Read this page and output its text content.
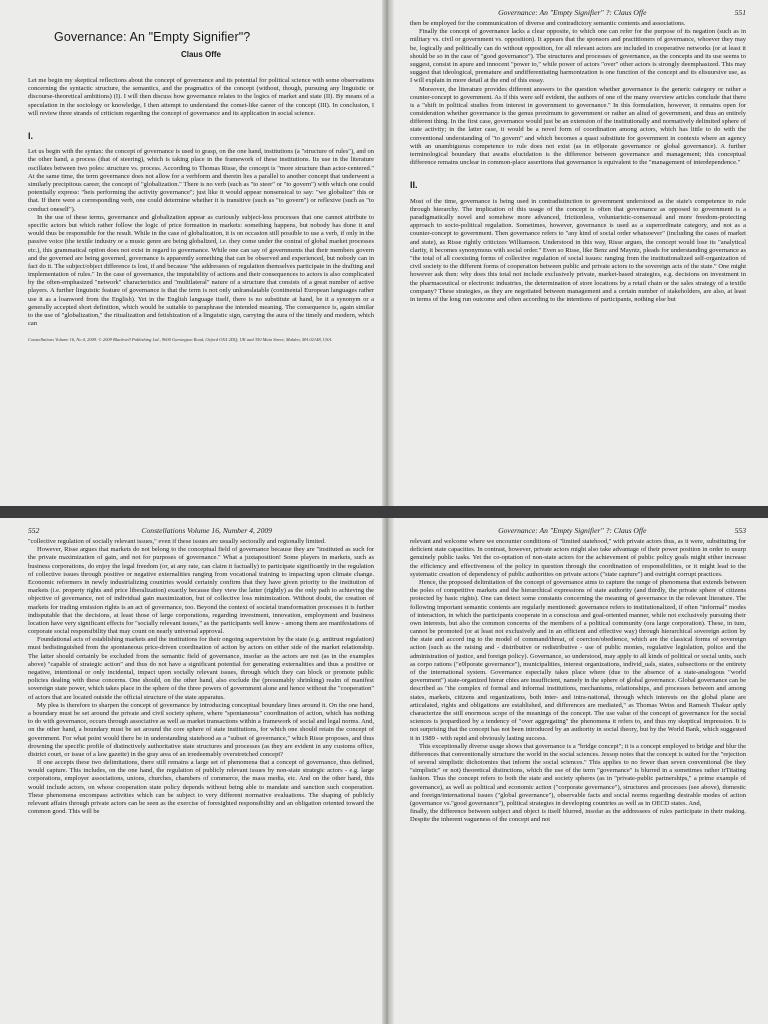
Governance: An "Empty Signifier"?
Claus Offe

Let me begin my skeptical reflections about the concept of governance and its potential for political science with some observations concerning the syntactic structure, the semantics, and the pragmatics of the concept (without, though, pursuing any linguistic or discourse-theoretical ambitions) (I). I will then discuss how governance relates to the logics of market and state (II). By means of a speculation in the sociology or knowledge, I then attempt to understand the comet-like career of the concept (III). In conclusion, I will review three strands of criticism regarding the concept of governance and its application in social science.

I.

Let us begin with the syntax: the concept of governance is used to grasp, on the one hand, institutions (a "structure of rules"), and on the other hand, a process (that of steering), which is taking place in the framework of these institutions. Its use in the literature oscillates between two poles: structure vs. process. According to Thomas Risse, the concept is "more structure than actor-centered." At the same time, the term governance does not allow for a verbform and therein lies a parallel to another concept that underwent a similarly precipitous career, the concept of "globalization." There is no verb (such as "to steer" or "to govern") with which one could potentially express: "heis performing the activity governance"; just like it would appear nonsensical to say: "we globalize" this or that. If there were a corresponding verb, one could determine whether it is transitive (such as "to govern") or reflexive (such as "to conduct oneself").

In the use of these terms, governance and globalization appear as curiously subject-less processes that one cannot attribute to specific actors but which rather follow the logic of price formation in markets: something happens, but nobody has done it and would thus be responsible for the result. While in the case of globalization, it is on occasion still possible to use a verb, if only in the passive voice (the textile industry or a music genre are being globalized, i.e. they come under the contrai of global market processes etc.), this grammatical option does not exist in regard to governance. While one can say of governments that their members govern and the governed are being governed, governance is apparently something that can be observed and experienced, but nobody can in fact do it. The subject/object difference is lost, if and because "the addressees of regulation themselves participate in the drafting and implementation of rules." In the case of governance, the imputability of actions and their consequences to actors is also complicated by the often-emphasized "network" characteristics and "multilateral" nature of a structure that consists of a great number of active players. A further linguistic feature of governance is that the term is not only unlranslatable (continental European languages rather use it as a loanword from the English). Yet in the English language itself, there is no substitute at hand, be it a synonym or a generally accepted short definition, which would be suitable to paraphrase the intended meaning. The consequence is, again similar to the use of "globalization," the ritualization and fetishization of a linguistic sign, carrying the aura of the timely and modern, which can

Constellations Volume 16, No 4, 2009. © 2009 Blackwell Publishing Ltd., 9600 Garsington Road, Oxford OX4 2DQ, UK and 350 Main Street, Malden, MA 02148, USA.
Governance: An "Empty Signifier" ?: Claus Offe	551

then be employed for the communication of diverse and contradictory semantic contents and associations.

Finally the concept of governance lacks a clear opposite, to which one can refer for the purpose of its negation (such as in military vs. civil or government vs. opposition). It appears that the sponsors and practitioners of governance, whoever they may be, logically and politically can do without opposition, for all relevant actors are included in cooperative networks (or at least it should be so in the case of "good governance"). The structures and processes of governance, as the concepts and its use seems to suggest, consist in apure and innocent "power to," while power of actors "over" other actors is strongly deemphasized. This may suggest that ideological, premature and undifferentiating harmonization is one function of the concept and its elisuursive use, as I will explain in more detail at the end of this essay.

Moreover, the literature provides different answers to the question whether governance is the generic category or rather a counter-concept to government. As if this were self evident, the authors of one of the many overview articles conclude that there is a "shift in political studies from interest in government to governance." In this formulation, however, it remains open for consideration whether governance is the genus proximum to government or rather an aliud of government, and thus an entirely different thing. In the first case, governance would just be an extension of the institutionally and normatively delimited sphere of state activity; in the latter case, it would be a novel form of coordination among actors, which has little to do with the conventional understanding of "to govern" and which becomes a quasi substitute for government in contexts where an agency with an unambiguous competence to rule does not exist (as in e0lporate governance or global governance). A further terminological boundary that awaits elucidation is the difference between governance and management; this conceptual difference remains unclear in common-place assertions that governance is equivalent to the "management of interdependence."

II.

Most of the time, governance is being used in contradistinction to government understood as the state's competence to rule through hierarchy. The implication of this usage of the concept is often that governance as opposed to government is a paradigmatically novel and somehow more advanced, frictionless, voluntaristic-consensual and more freedom-protecting approach to socio-political regulation. Sometimes, however, governance is used as a superordinate category, and not as a counter-concept to government. Then governance refers to "any kind of social order whatsoever" (including the cases of market and state), as Risse rightly criticizes Williamson. Understood in this way, Risse argues, the concept would lose its "analytical clarity, it becomes synonymous with social order." Even so Risse, like Benz and Mayntz, pleads for understanding governance as "the total of all coexisting forms of collective regulation of social issues: ranging from the institutionalized self-organization of civil society to the different forms of cooperation between public and private actors to the sovereign acts of the state." One might however ask then: why does this total not include exclusively private, market-based strategies, e.g. decisions on investment in the pharmaceutical or electronic industries, the determination of store locations by a retail chain or the sales strategy of a textile company? These strategies, as they are negotiated between management and a certain number of stakeholders, are also, at least in terms of the long run outcome and often according to the intentions of participants, nothing else but

552	Constellations Volume 16, Number 4, 2009

"collective regulation of socially relevant issues," even if these issues are usually sectorally and regionally limited.

However, Risse argues that markets do not belong to the conceptual field of governance because they are "instituted as such for the private maximization of gain, and not for purposes of governance." What a juxtaposition! Some players in markets, such as business corporations, do enjoy the legal freedom (or, at any rate, can claim it factually) to participate significantly in the regulation of collective issues through positive or negative externalities ranging from vocational training to impacting upon climate change. Economic reformers in newly industrializing countries would certainly confirm that they have given priority to the institution of markets (i.e. property rights and price liberalization) exactly because they view the latter (rightly) as the only path to achieving the objective of governance, not of individual gain maximization, but of collective loss minimization. Without doubt, the creation of markets for trading emission rights is an act of governance, too. Beyond the context of societal transformation processes it is further indisputable that the decisions, at least those of large corporations, regarding investment, innovation, employment and business location have very significant effects for "socially relevant issues," as the participants well know - among them are manifestations of corporate social responsibility that may count on nearly universal approval.

Foundational acts of establishing markets and the institutions for their ongoing supervision by the state (e.g. antitrust regulation) must bedistinguished from the spontaneous price-driven coordination of action by actors on either side of the market relationship. The latter should certainly be excluded from the semantic field of governance, insofar as the actors are not (as in the examples above) "capable of strategic action" and thus do not have a significant potential for generating externalities and thus a positive or negative, intentional or only incidental, impact upon socially relevant issues, through which they can block or promote public policies dealing with these concerns. One should, on the other hand, also exclude the (presumably shrinking) realm of manifest sovereign state power, which takes place in the sphere of the three powers of government alone and hence without the "cooperation" of actors that are located outside the official structure of the state apparatus.

My plea is therefore to sharpen the concept of governance by introducing conceptual boundary lines around it. On the one hand, a boundary must be set around the private and civil society sphere, where "spontaneous" coordination of action, which has nothing to do with governance, occurs through associative as well as market transactions within a framework of social and legal norms. And, on the other hand, a boundary must be set around the core sphere of state institutions, for which one should retain the concept of government. For what point would there be in understanding statehood as a "subset of governance," which Risse proposes, and thus drowning the specific profile of distinctively authoritative state structures and processes (as they are evident in any customs office, district court, or issue of a law gazette) in the gray area of an irredeemably overstretched concept?

If one accepts these two delimitations, there still remains a large set of phenomena that a concept of governance, thus defined, would capture. This includes, on the one hand, the regulation of publicly relevant issues by non-state strategic actors - e.g. large corporations, employer associations, unions, churches, chambers of commerce, the mass media, etc. And on the other hand, this would include actors, on whose cooperation state policy depends without being able to mandate and sanction such cooperation. These phenomena encompass activities which can be subject to very different normative evaluations. The shaping of publicly relevant affairs through private actors can be seen as the exercise of foresighted responsibility and an obligation oriented toward the common good. This will be

Governance: An "Empty Signifier" ?: Claus Offe	553

relevant and welcome where we encounter conditions of "limited statehood," with private actors thus, as it were, substituting for deficient state capacities. In contrast, however, private actors might also take advantage of their power position in order to usurp genuinely public tasks. Yet the co-optation of non-state actors for the achievement of public policy goals might either increase the efficiency and effectiveness of the policy in question through the coordination of responsibilities, or it might lead to the systematic creation of dependency of public authorities on private actors ("state capture") and outright corrupt practices.

Hence, the proposed delimitation of the concept of governance aims to capture the range of phenomena that extends between the poles of competitive markets and the hierarchical expressions of state authority (and thirdly, the private sphere of citizens protected by basic rights). One can detect some constants concerning the meaning of governance in the relevant literature. The following important semantic contents are regularly mentioned: governance refers to institutionalized, if often "informal" modes of interaction, in which the participants cooperate in a conscious and goal-oriented manner, while not exclusively pursuing their own interests, but also the common concerns of the members of a political community (ora large corporation). These, in tum, cannot be promoted (or at least not exclusively and in an efficient and effective way) through hierarchical sovereign action by the state and accord ing to the model of command/threat, of coercion/obedience, which are the classical forms of sovereign action (such as the raising and - distributive or redistributive - use of public monies, regulative legislation, police and the administration of justice, and foreign policy). Governance, so understood, may apply to all kinds of political or social units, such as corpo rations ("e0lporate governance"), municipalities, interest organizations, individ_uals, states, subsections or the entirety of the international system. Governance especially takes place where (due to the absence of a state-analogous "world government") state-organized hierar chies are insufficient, namely in the sphere of global governance. Global governance can be described as "the complex of formal and informal institutions, mechanisms, relationships, and processes between and among states, markets, citizens and organizations, both inter- and intra-national, through which interests on the global plane are articulated, rights and obligations are established, and differences are mediated," as Thomas Weiss and Ramesh Thakur aptly characterize the still enormous scope of the meanings of the concept. The use value of the concept of governance for the social sciences is jeopardized by a tendency of "over aggregating" the phenomena it refers to, and thus my skeptical impression. It is not surprising that the concept has not been introduced by an authority in social theory, but by the World Bank, which suggested it in 1989 - with rapid and obviously lasting success.

This exceptionally diverse usage shows that governance is a "bridge concept"; it is a concept employed to bridge and blur the differences that conventionally structure the world in the social sciences. Jessop notes that the concept is suited for the "rejection of several simplistic dichotomies that inform the social sciences." This applies to no fewer than seven conventional (be they "simplistic" or not) theoretical distinctions, which the use of the term "governance" is blurred in a sometimes rather irTitating fashion. Thus the concept refers to both the state and society spheres (as in "private-public partnerships," a prime example of governance), as well as political and economic action ("corporate governance"), structures and processes (see above), domestic and foreign/international issues ("global governance"), observable facts and social norms regarding desirable modes of action (governance vs."good governance"), political strategies in developing countries as well as in OECD states. And,

finally, the difference between subject and object is itself blurred, insofar as the addressees of rules participate in their making. Despite the inherent vagueness of the concept and not
